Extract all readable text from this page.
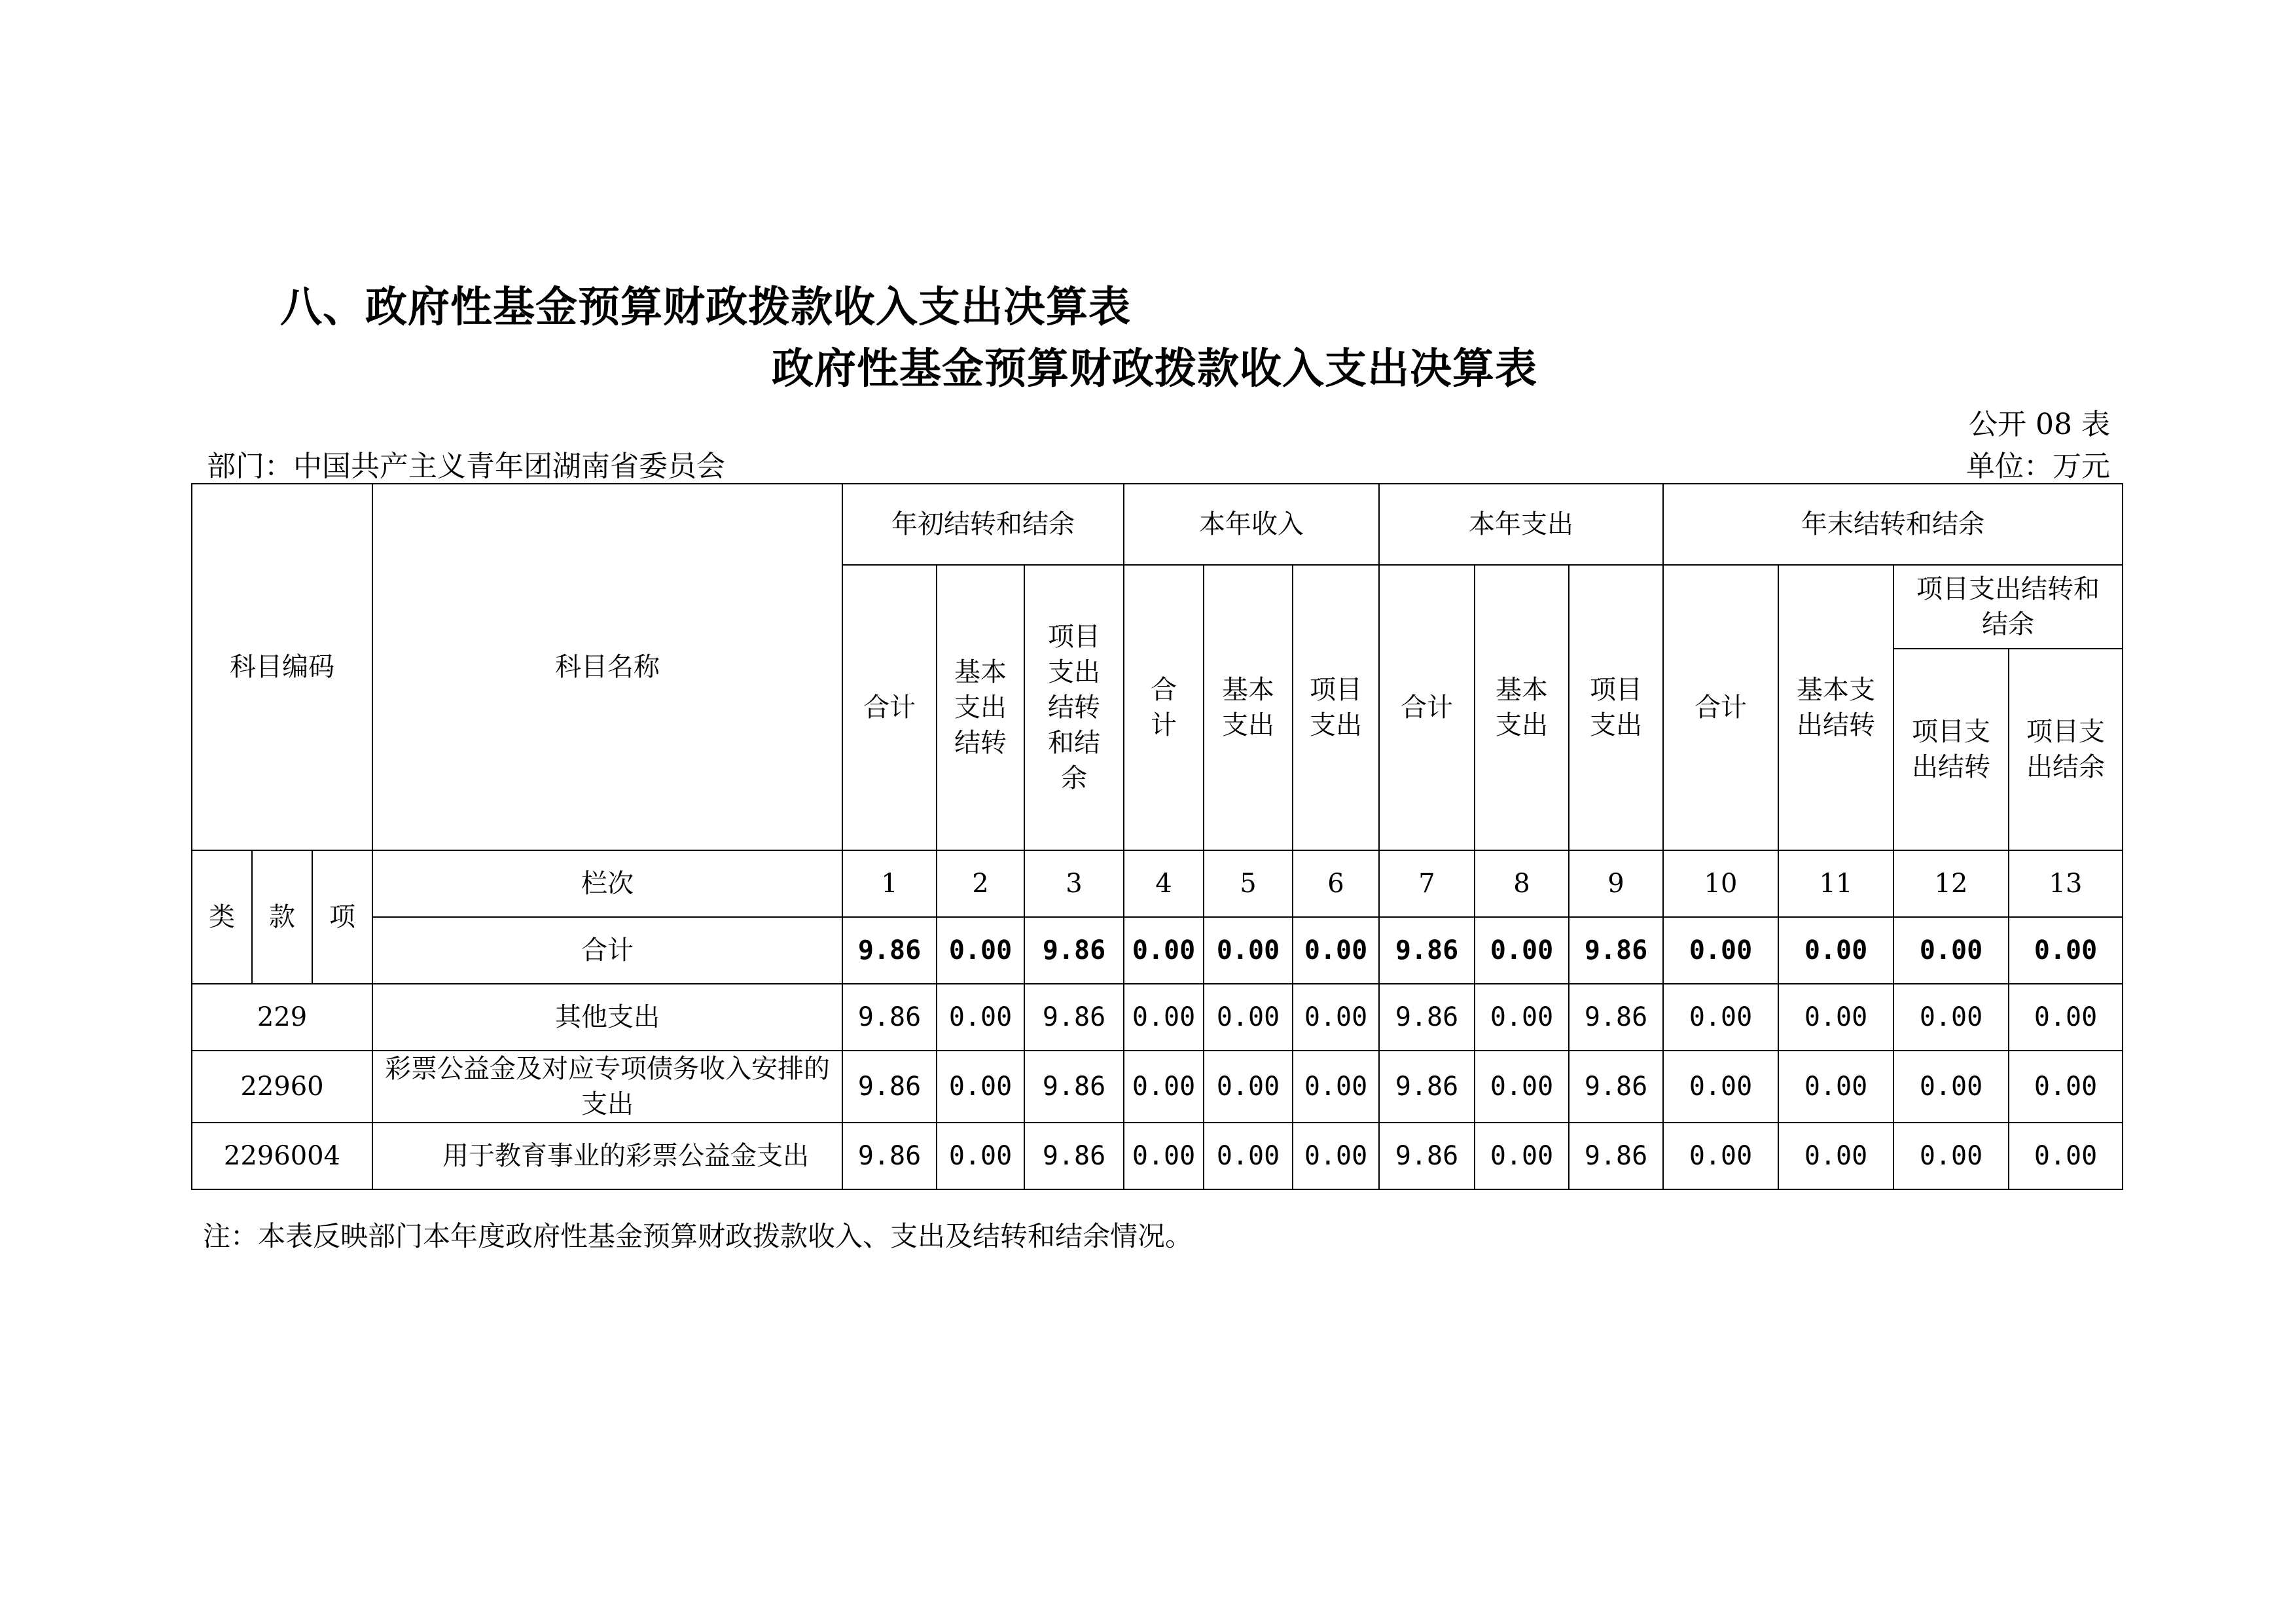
八、政府性基金预算财政拨款收入支出决算表
政府性基金预算财政拨款收入支出决算表
公开 08 表
部门：中国共产主义青年团湖南省委员会	单位：万元
科目编码			科目名称	年初结转和结余			本年收入			本年支出			年末结转和结余			
				合计	基本支出结转	项目支出结转和结余	合计	基本支出	项目支出	合计	基本支出	项目支出	合计	基本支出结转	项目支出结转和结余	

															项目支出结转	项目支出结余

类	款	项	栏次	1	2	3	4	5	6	7	8	9	10	11	12	13
			合计	9.86	0.00	9.86	0.00	0.00	0.00	9.86	0.00	9.86	0.00	0.00	0.00	0.00
229			其他支出	9.86	0.00	9.86	0.00	0.00	0.00	9.86	0.00	9.86	0.00	0.00	0.00	0.00
22960			彩票公益金及对应专项债务收入安排的支出	9.86	0.00	9.86	0.00	0.00	0.00	9.86	0.00	9.86	0.00	0.00	0.00	0.00
2296004			用于教育事业的彩票公益金支出	9.86	0.00	9.86	0.00	0.00	0.00	9.86	0.00	9.86	0.00	0.00	0.00	0.00
注：本表反映部门本年度政府性基金预算财政拨款收入、支出及结转和结余情况。
